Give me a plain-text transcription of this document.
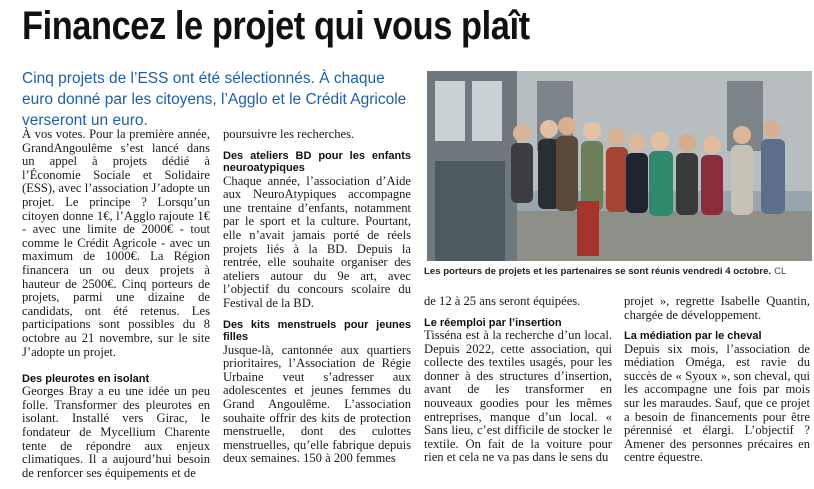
Financez le projet qui vous plaît
Cinq projets de l’ESS ont été sélectionnés. À chaque euro donné par les citoyens, l’Agglo et le Crédit Agricole verseront un euro.
Les porteurs de projets et les partenaires se sont réunis vendredi 4 octobre. CL

À vos votes. Pour la première année, GrandAngoulême s’est lancé dans un appel à projets dédié à l’Économie Sociale et Solidaire (ESS), avec l’association J’adopte un projet. Le principe ? Lorsqu’un citoyen donne 1€, l’Agglo rajoute 1€ - avec une limite de 2000€ - tout comme le Crédit Agricole - avec un maximum de 1000€. La Région financera un ou deux projets à hauteur de 2500€. Cinq porteurs de projets, parmi une dizaine de candidats, ont été retenus. Les participations sont possibles du 8 octobre au 21 novembre, sur le site J’adopte un projet.

Des pleurotes en isolant

Georges Bray a eu une idée un peu folle. Transformer des pleurotes en isolant. Installé vers Girac, le fondateur de Mycellium Charente tente de répondre aux enjeux climatiques. Il a aujourd’hui besoin de renforcer ses équipements et de

poursuivre les recherches.

Des ateliers BD pour les enfants neuroatypiques

Chaque année, l’association d’Aide aux NeuroAtypiques accompagne une trentaine d’enfants, notamment par le sport et la culture. Pourtant, elle n’avait jamais porté de réels projets liés à la BD. Depuis la rentrée, elle souhaite organiser des ateliers autour du 9e art, avec l’objectif du concours scolaire du Festival de la BD.

Des kits menstruels pour jeunes filles

Jusque-là, cantonnée aux quartiers prioritaires, l’Association de Régie Urbaine veut s’adresser aux adolescentes et jeunes femmes du Grand Angoulême. L’association souhaite offrir des kits de protection menstruelle, dont des culottes menstruelles, qu’elle fabrique depuis deux semaines. 150 à 200 femmes

de 12 à 25 ans seront équipées.

Le réemploi par l’insertion

Tisséna est à la recherche d’un local. Depuis 2022, cette association, qui collecte des textiles usagés, pour les donner à des structures d’insertion, avant de les transformer en nouveaux goodies pour les mêmes entreprises, manque d’un local. « Sans lieu, c’est difficile de stocker le textile. On fait de la voiture pour rien et cela ne va pas dans le sens du

projet », regrette Isabelle Quantin, chargée de développement.

La médiation par le cheval

Depuis six mois, l’association de médiation Oméga, est ravie du succès de « Syoux », son cheval, qui les accompagne une fois par mois sur les maraudes. Sauf, que ce projet a besoin de financements pour être pérennisé et élargi. L’objectif ? Amener des personnes précaires en centre équestre.
